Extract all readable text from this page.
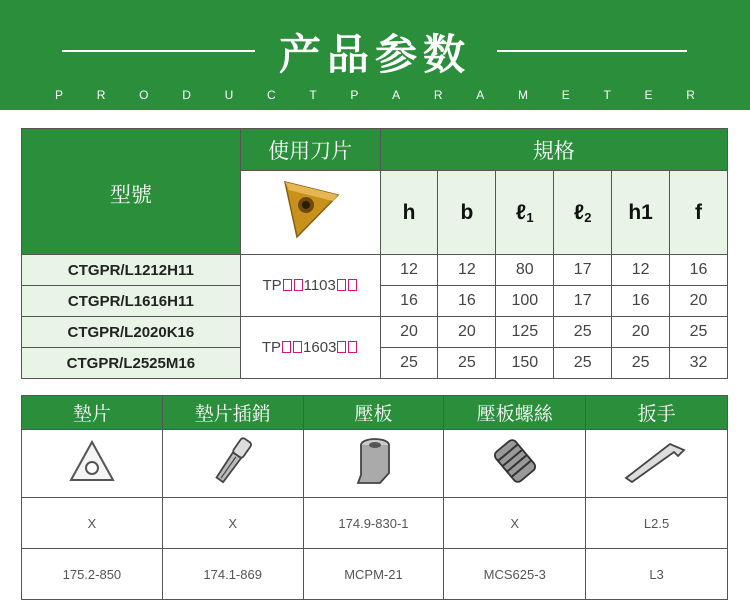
产品参数
P	R	O	D	U	C	T	P	A	R	A	M	E	T	E	R
型號	使用刀片	規格					
	h	b	ℓ$_1$	ℓ$_2$	h1	f
CTGPR/L1212H11	TP 1103	12	12	80	17	12	16
CTGPR/L1616H11		16	16	100	17	16	20
CTGPR/L2020K16	TP 1603	20	20	125	25	20	25
CTGPR/L2525M16		25	25	150	25	25	32
墊片	墊片插銷	壓板	壓板螺絲	扳手

X	X	174.9-830-1	X	L2.5
175.2-850	174.1-869	MCPM-21	MCS625-3	L3
